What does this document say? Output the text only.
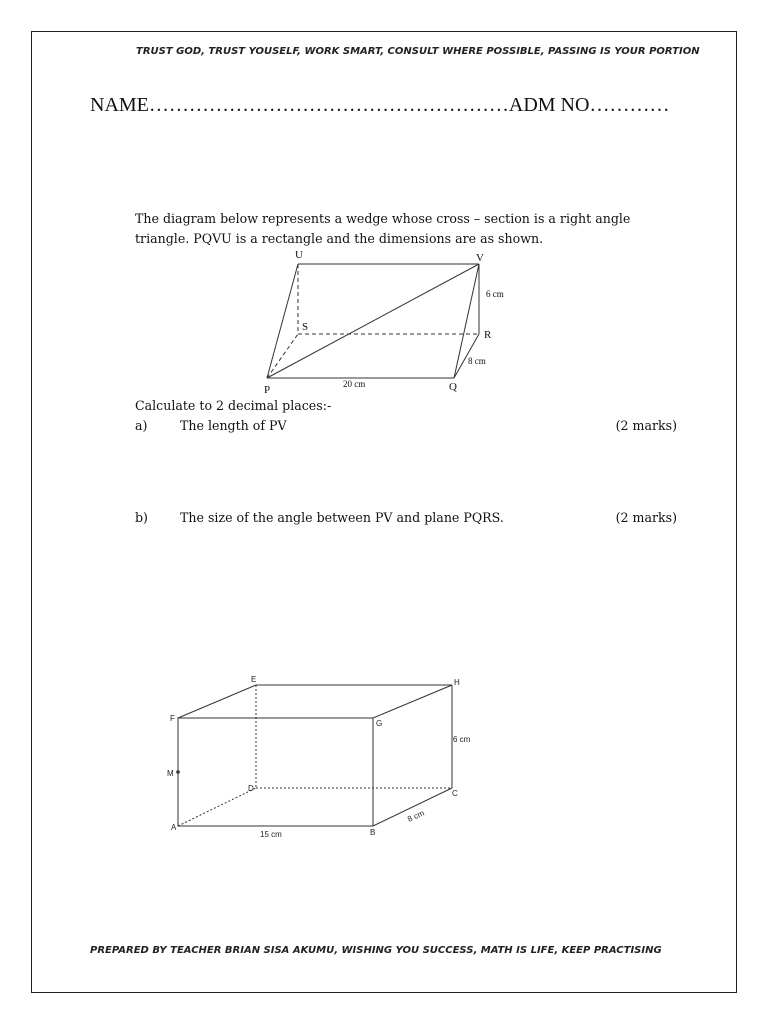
TRUST GOD, TRUST YOUSELF, WORK SMART, CONSULT WHERE POSSIBLE, PASSING IS YOUR PORTION
NAME………………………………………………ADM NO…………
The diagram below represents a wedge whose cross – section is a right angle triangle. PQVU is a rectangle and the dimensions are as shown.
U	V
S
R
P	Q
6 cm
8 cm
20 cm
Calculate to 2 decimal places:-
a)	The length of PV	(2 marks)
b)	The size of the angle between PV and plane PQRS.	(2 marks)
E	H
F
G
M
D
C
A
B
6 cm
15 cm
8 cm
PREPARED BY TEACHER BRIAN SISA AKUMU, WISHING YOU SUCCESS, MATH IS LIFE, KEEP PRACTISING
